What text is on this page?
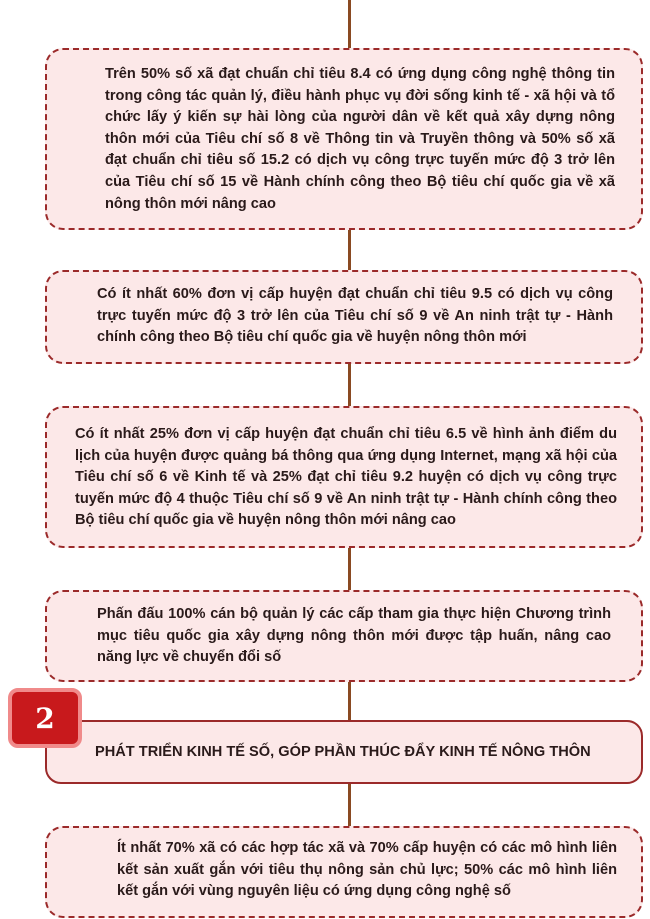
Trên 50% số xã đạt chuẩn chỉ tiêu 8.4 có ứng dụng công nghệ thông tin trong công tác quản lý, điều hành phục vụ đời sống kinh tế - xã hội và tổ chức lấy ý kiến sự hài lòng của người dân về kết quả xây dựng nông thôn mới của Tiêu chí số 8 về Thông tin và Truyền thông và 50% số xã đạt chuẩn chỉ tiêu số 15.2 có dịch vụ công trực tuyến mức độ 3 trở lên của Tiêu chí số 15 về Hành chính công theo Bộ tiêu chí quốc gia về xã nông thôn mới nâng cao

Có ít nhất 60% đơn vị cấp huyện đạt chuẩn chỉ tiêu 9.5 có dịch vụ công trực tuyến mức độ 3 trở lên của Tiêu chí số 9 về An ninh trật tự - Hành chính công theo Bộ tiêu chí quốc gia về huyện nông thôn mới

Có ít nhất 25% đơn vị cấp huyện đạt chuẩn chỉ tiêu 6.5 về hình ảnh điểm du lịch của huyện được quảng bá thông qua ứng dụng Internet, mạng xã hội của Tiêu chí số 6 về Kinh tế và 25% đạt chỉ tiêu 9.2 huyện có dịch vụ công trực tuyến mức độ 4 thuộc Tiêu chí số 9 về An ninh trật tự - Hành chính công theo Bộ tiêu chí quốc gia về huyện nông thôn mới nâng cao

Phấn đấu 100% cán bộ quản lý các cấp tham gia thực hiện Chương trình mục tiêu quốc gia xây dựng nông thôn mới được tập huấn, nâng cao năng lực về chuyển đổi số

PHÁT TRIỂN KINH TẾ SỐ, GÓP PHẦN THÚC ĐẨY KINH TẾ NÔNG THÔN
2

Ít nhất 70% xã có các hợp tác xã và 70% cấp huyện có các mô hình liên kết sản xuất gắn với tiêu thụ nông sản chủ lực; 50% các mô hình liên kết gắn với vùng nguyên liệu có ứng dụng công nghệ số
